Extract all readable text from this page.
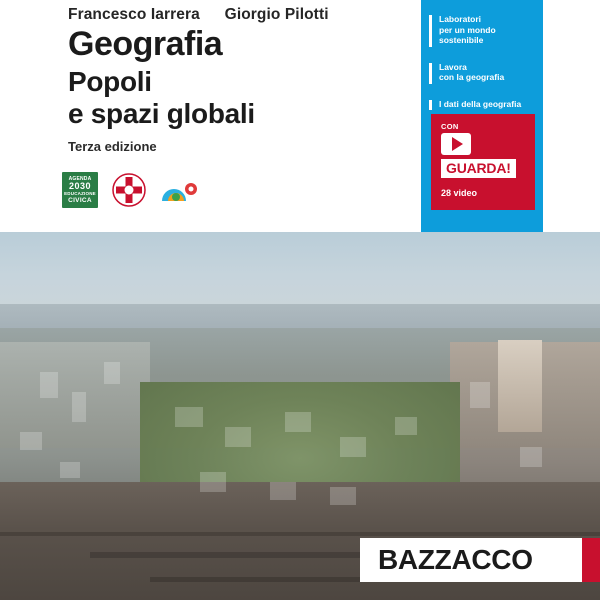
Francesco Iarrera Giorgio Pilotti
Geografia
Popoli
e spazi globali
Terza edizione
AGENDA
2030
EDUCAZIONE
CIVICA
Laboratori
per un mondo
sostenibile
Lavora
con la geografia
I dati della geografia
CON
GUARDA!
28 video
BAZZACCO
